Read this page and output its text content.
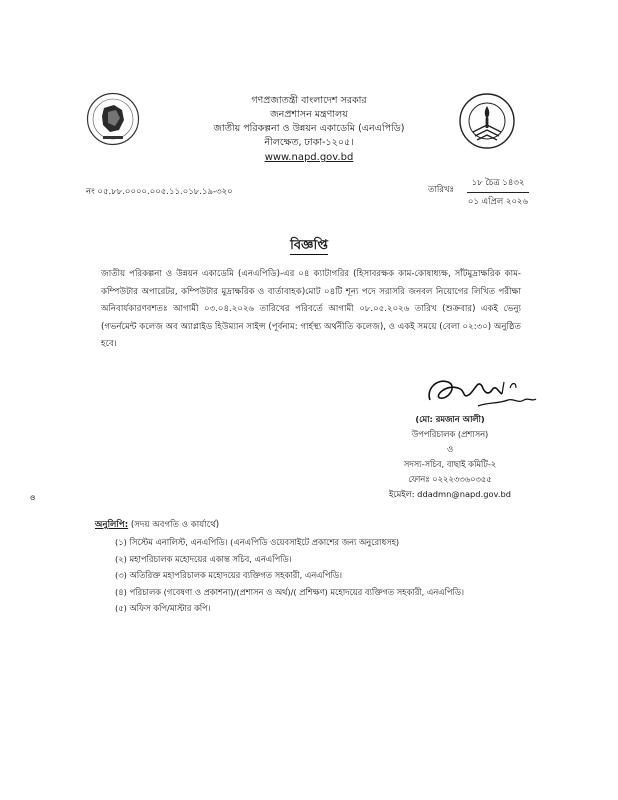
গণপ্রজাতন্ত্রী বাংলাদেশ সরকার
জনপ্রশাসন মন্ত্রণালয়
জাতীয় পরিকল্পনা ও উন্নয়ন একাডেমি (এনএপিডি)
নীলক্ষেত, ঢাকা-১২০৫।
www.napd.gov.bd
নং ০৫.৮৮.০০০০.০০৫.১১.০১৮.১৯-৩২০	তারিখঃ
১৮ চৈত্র ১৪৩২
০১ এপ্রিল ২০২৬
বিজ্ঞপ্তি
জাতীয় পরিকল্পনা ও উন্নয়ন একাডেমি (এনএপিডি)-এর ০৪ ক্যাটাগরির (হিসাবরক্ষক কাম-কোষাধ্যক্ষ, সাঁটমুদ্রাক্ষরিক কাম-কম্পিউটার অপারেটর, কম্পিউটার মুদ্রাক্ষরিক ও বার্তাবাহক)মোট ০৪টি শূন্য পদে সরাসরি জনবল নিয়োগের লিখিত পরীক্ষা অনিবার্যকারণবশতঃ আগামী ০৩.০৪.২০২৬ তারিখের পরিবর্তে আগামী ০৮.০৫.২০২৬ তারিখ (শুক্রবার) একই ভেন্যু (গভর্নমেন্ট কলেজ অব অ্যাপ্লাইড হিউম্যান সাইন্স (পূর্বনাম: গার্হস্থ্য অর্থনীতি কলেজ), ও একই সময়ে (বেলা ০২:৩০) অনুষ্ঠিত হবে।
(মো: রমজান আলী)
উপপরিচালক (প্রশাসন)
ও
সদস্য-সচিব, বাছাই কমিটি-২
ফোনঃ ০২২২৩৩৬০৩৫৫
ইমেইল: ddadmn@napd.gov.bd
ɞ
অনুলিপি: (সদয় অবগতি ও কার্যার্থে)
(১) সিস্টেম এনালিস্ট, এনএপিডি। (এনএপিডি ওয়েবসাইটে প্রকাশের জন্য অনুরোধসহ)
(২) মহাপরিচালক মহোদয়ের একান্ত সচিব, এনএপিডি।
(৩) অতিরিক্ত মহাপরিচালক মহোদয়ের ব্যক্তিগত সহকারী, এনএপিডি।
(৪) পরিচালক (গবেষণা ও প্রকাশনা)/(প্রশাসন ও অর্থ)/( প্রশিক্ষণ) মহোদয়ের ব্যক্তিগত সহকারী, এনএপিডি।
(৫) অফিস কপি/মাস্টার কপি।
